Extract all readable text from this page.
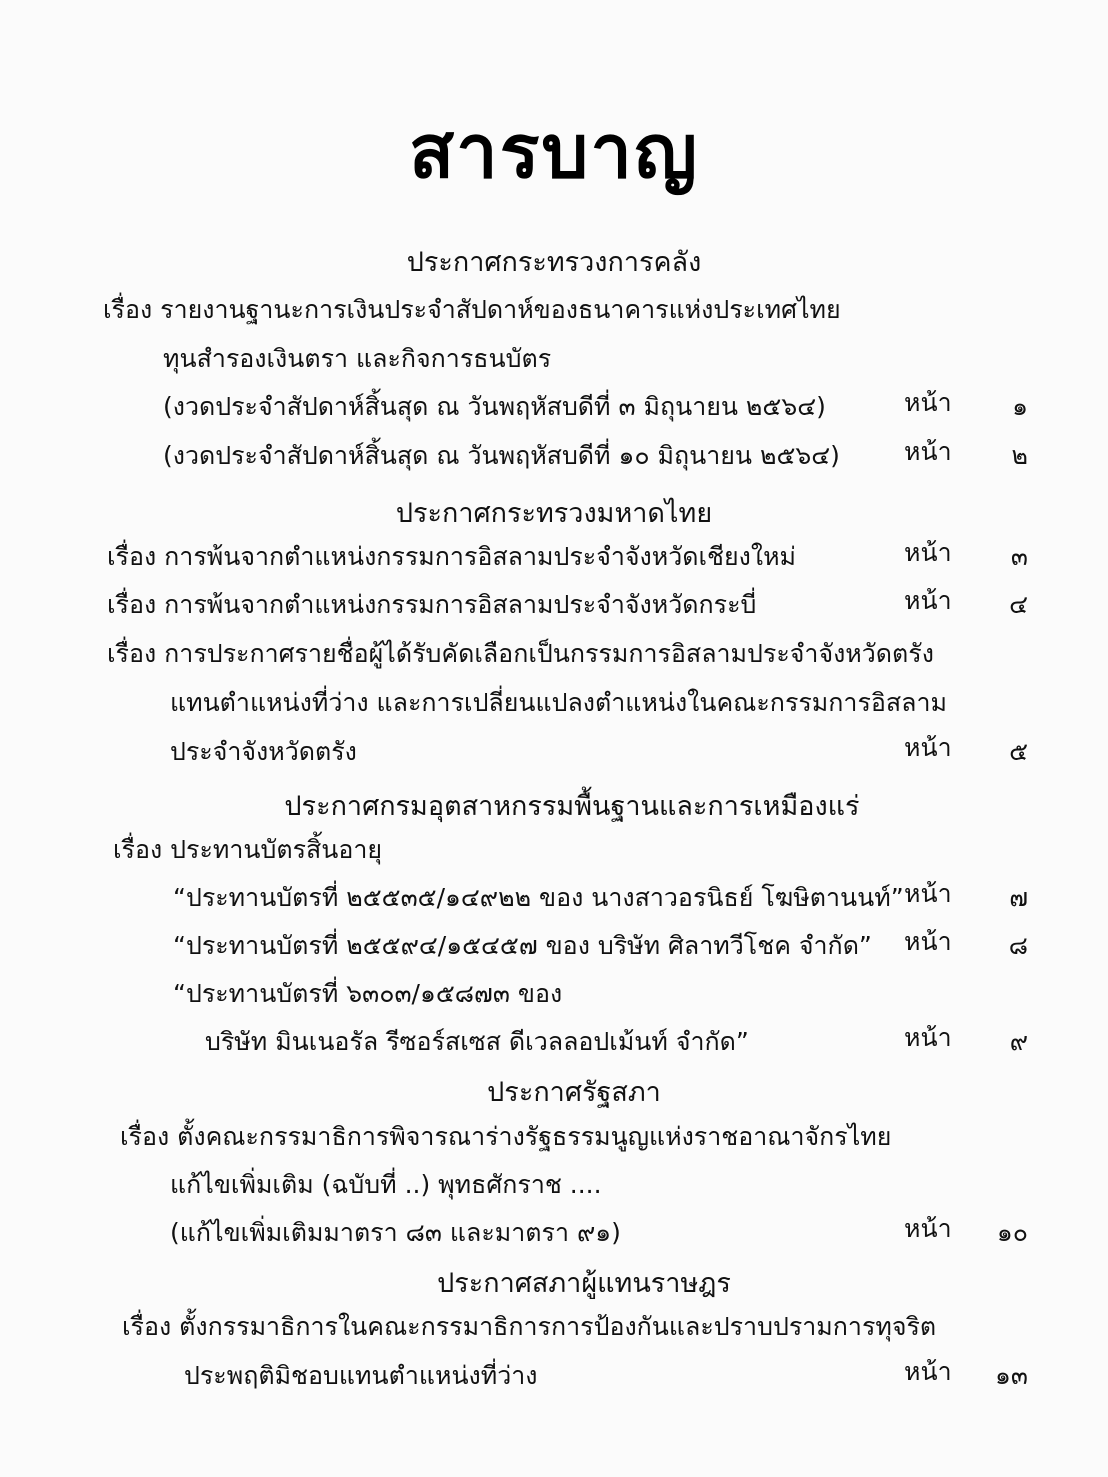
สารบาญ
ประกาศกระทรวงการคลัง
เรื่อง รายงานฐานะการเงินประจำสัปดาห์ของธนาคารแห่งประเทศไทย
ทุนสำรองเงินตรา และกิจการธนบัตร
(งวดประจำสัปดาห์สิ้นสุด ณ วันพฤหัสบดีที่ ๓ มิถุนายน ๒๕๖๔)	หน้า ๑
(งวดประจำสัปดาห์สิ้นสุด ณ วันพฤหัสบดีที่ ๑๐ มิถุนายน ๒๕๖๔)	หน้า ๒
ประกาศกระทรวงมหาดไทย
เรื่อง การพ้นจากตำแหน่งกรรมการอิสลามประจำจังหวัดเชียงใหม่	หน้า ๓
เรื่อง การพ้นจากตำแหน่งกรรมการอิสลามประจำจังหวัดกระบี่	หน้า ๔
เรื่อง การประกาศรายชื่อผู้ได้รับคัดเลือกเป็นกรรมการอิสลามประจำจังหวัดตรัง
แทนตำแหน่งที่ว่าง และการเปลี่ยนแปลงตำแหน่งในคณะกรรมการอิสลาม
ประจำจังหวัดตรัง	หน้า ๕
ประกาศกรมอุตสาหกรรมพื้นฐานและการเหมืองแร่
เรื่อง ประทานบัตรสิ้นอายุ
“ประทานบัตรที่ ๒๕๕๓๕/๑๔๙๒๒ ของ นางสาวอรนิธย์ โฆษิตานนท์” หน้า ๗
“ประทานบัตรที่ ๒๕๕๙๔/๑๕๔๕๗ ของ บริษัท ศิลาทวีโชค จำกัด” หน้า ๘
“ประทานบัตรที่ ๖๓๐๓/๑๕๘๗๓ ของ
บริษัท มินเนอรัล รีซอร์สเซส ดีเวลลอปเม้นท์ จำกัด”	หน้า ๙
ประกาศรัฐสภา
เรื่อง ตั้งคณะกรรมาธิการพิจารณาร่างรัฐธรรมนูญแห่งราชอาณาจักรไทย
แก้ไขเพิ่มเติม (ฉบับที่ ..) พุทธศักราช ....
(แก้ไขเพิ่มเติมมาตรา ๘๓ และมาตรา ๙๑)	หน้า ๑๐
ประกาศสภาผู้แทนราษฎร
เรื่อง ตั้งกรรมาธิการในคณะกรรมาธิการการป้องกันและปราบปรามการทุจริต
ประพฤติมิชอบแทนตำแหน่งที่ว่าง	หน้า ๑๓
